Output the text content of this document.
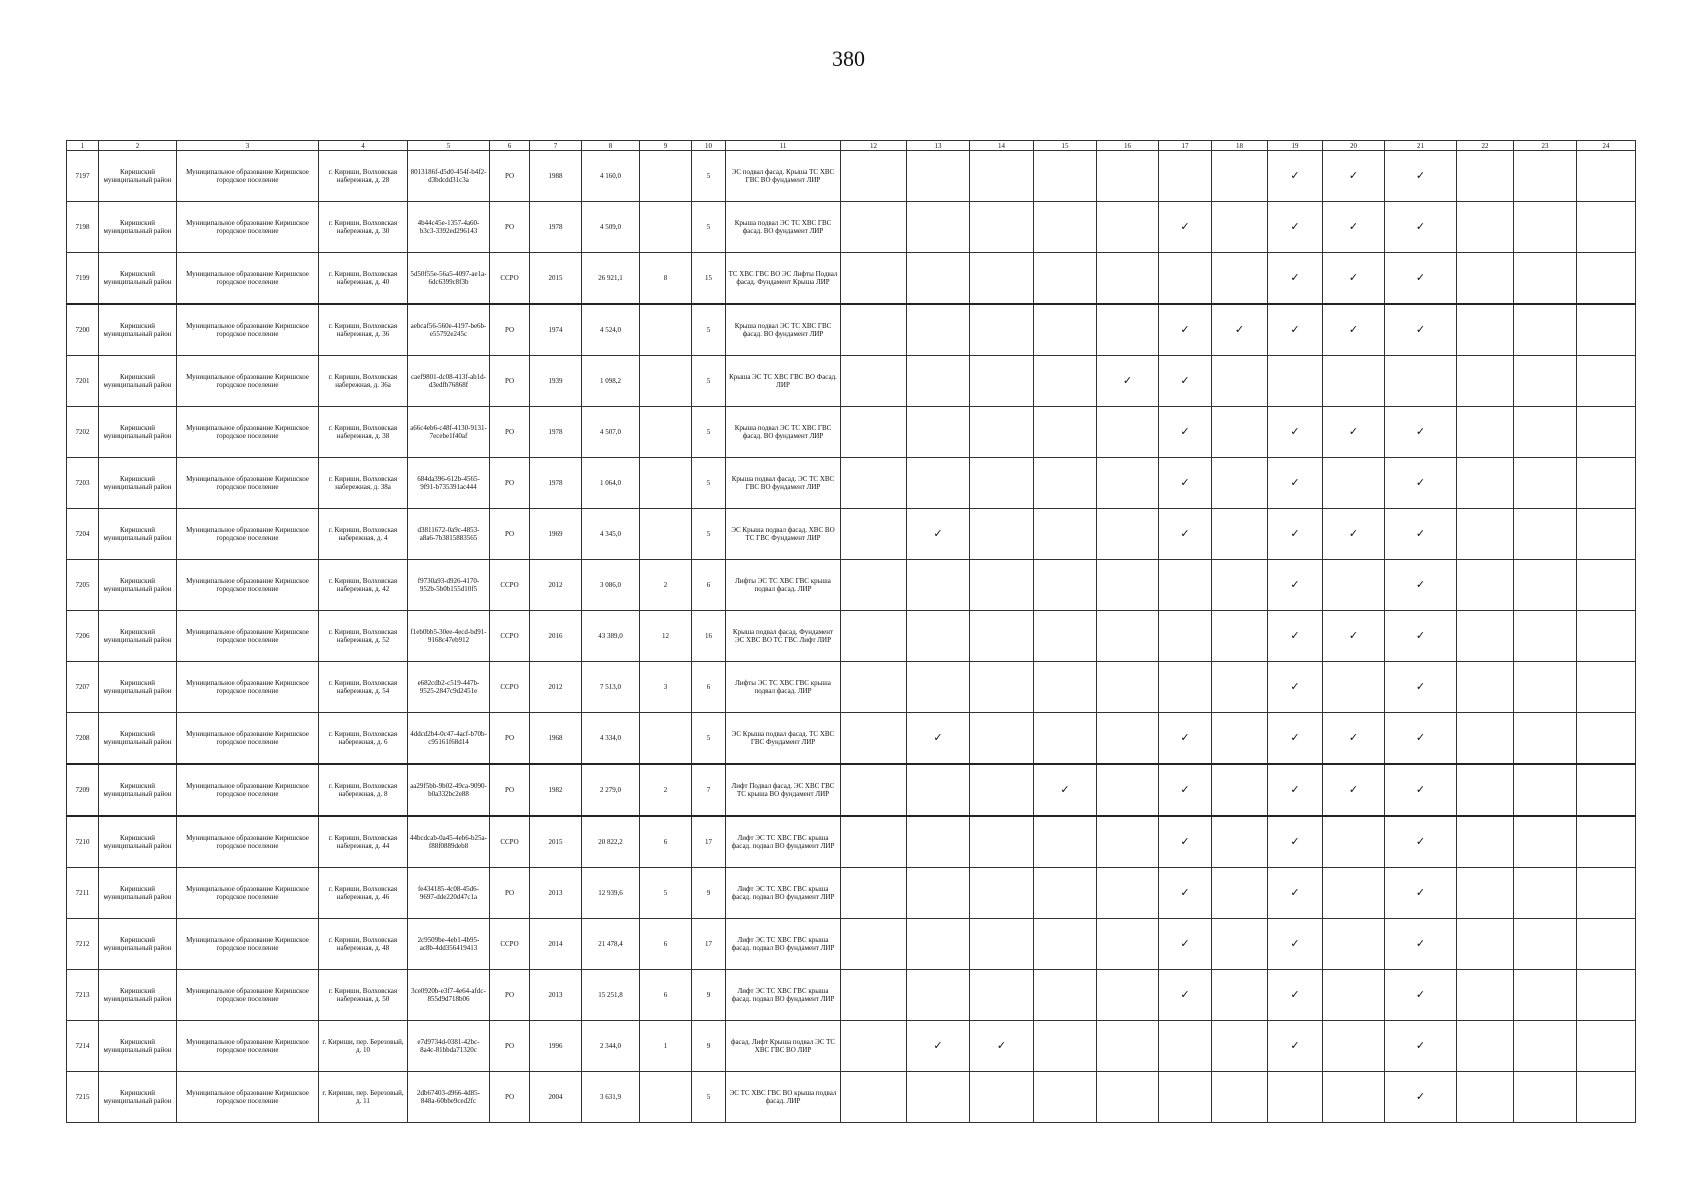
380
1	2	3	4	5	6	7	8	9	10	11	12	13	14	15	16	17	18	19	20	21	22	23	24
7197	Киришский муниципальный район	Муниципальное образование Киришское городское поселение	г. Кириши, Волховская набережная, д. 28	8013186f-d5d0-454f-b4f2-d3bdcdd31c3a	РО	1988	4 160,0		5	ЭС подвал фасад. Крыша ТС ХВС ГВС ВО фундамент ЛИР								✓	✓	✓			
7198	Киришский муниципальный район	Муниципальное образование Киришское городское поселение	г. Кириши, Волховская набережная, д. 30	4b44c45e-1357-4a60-b3c3-3392ed296143	РО	1978	4 509,0		5	Крыша подвал ЭС ТС ХВС ГВС фасад. ВО фундамент ЛИР						✓		✓	✓	✓			
7199	Киришский муниципальный район	Муниципальное образование Киришское городское поселение	г. Кириши, Волховская набережная, д. 40	5d50f55e-56a5-4097-ae1a-6dc6399c8f3b	ССРО	2015	26 921,1	8	15	ТС ХВС ГВС ВО ЭС Лифты Подвал фасад. Фундамент Крыша ЛИР								✓	✓	✓			
7200	Киришский муниципальный район	Муниципальное образование Киришское городское поселение	г. Кириши, Волховская набережная, д. 36	aebcaf56-560e-4197-be6b-e55792e245c	РО	1974	4 524,0		5	Крыша подвал ЭС ТС ХВС ГВС фасад. ВО фундамент ЛИР						✓	✓	✓	✓	✓			
7201	Киришский муниципальный район	Муниципальное образование Киришское городское поселение	г. Кириши, Волховская набережная, д. 36а	caef9801-dc08-413f-ab1d-d3edfb76868f	РО	1939	1 098,2		5	Крыша ЭС ТС ХВС ГВС ВО Фасад. ЛИР					✓	✓							
7202	Киришский муниципальный район	Муниципальное образование Киришское городское поселение	г. Кириши, Волховская набережная, д. 38	a66c4eb6-c48f-4130-9131-7ecebe1f40af	РО	1978	4 507,0		5	Крыша подвал ЭС ТС ХВС ГВС фасад. ВО фундамент ЛИР						✓		✓	✓	✓			
7203	Киришский муниципальный район	Муниципальное образование Киришское городское поселение	г. Кириши, Волховская набережная, д. 38а	684da396-612b-4565-9f91-b735391ac444	РО	1978	1 064,0		5	Крыша подвал фасад. ЭС ТС ХВС ГВС ВО фундамент ЛИР						✓		✓		✓			
7204	Киришский муниципальный район	Муниципальное образование Киришское городское поселение	г. Кириши, Волховская набережная, д. 4	d3811672-0a9c-4853-a8a6-7b3815883565	РО	1969	4 345,0		5	ЭС Крыша подвал фасад. ХВС ВО ТС ГВС Фундамент ЛИР		✓				✓		✓	✓	✓			
7205	Киришский муниципальный район	Муниципальное образование Киришское городское поселение	г. Кириши, Волховская набережная, д. 42	f9730a93-d926-4170-952b-5b0b155d10f5	ССРО	2012	3 086,0	2	6	Лифты ЭС ТС ХВС ГВС крыша подвал фасад. ЛИР								✓		✓			
7206	Киришский муниципальный район	Муниципальное образование Киришское городское поселение	г. Кириши, Волховская набережная, д. 52	f1eb0bb5-30ee-4ecd-bd91-9168c47eb912	ССРО	2016	43 389,0	12	16	Крыша подвал фасад. Фундамент ЭС ХВС ВО ТС ГВС Лифт ЛИР								✓	✓	✓			
7207	Киришский муниципальный район	Муниципальное образование Киришское городское поселение	г. Кириши, Волховская набережная, д. 54	e682cdb2-c519-447b-9525-2847c9d2451e	ССРО	2012	7 513,0	3	6	Лифты ЭС ТС ХВС ГВС крыша подвал фасад. ЛИР								✓		✓			
7208	Киришский муниципальный район	Муниципальное образование Киришское городское поселение	г. Кириши, Волховская набережная, д. 6	4ddcd2b4-0c47-4acf-b70b-c95161f68d14	РО	1968	4 334,0		5	ЭС Крыша подвал фасад. ТС ХВС ГВС Фундамент ЛИР		✓				✓		✓	✓	✓			
7209	Киришский муниципальный район	Муниципальное образование Киришское городское поселение	г. Кириши, Волховская набережная, д. 8	aa29f5bb-9b02-49ca-9090-b0a332bc2e88	РО	1982	2 279,0	2	7	Лифт Подвал фасад. ЭС ХВС ГВС ТС крыша ВО фундамент ЛИР				✓		✓		✓	✓	✓			
7210	Киришский муниципальный район	Муниципальное образование Киришское городское поселение	г. Кириши, Волховская набережная, д. 44	44bcdcab-0a45-4eb6-b25a-f88f0889deb8	ССРО	2015	20 822,2	6	17	Лифт ЭС ТС ХВС ГВС крыша фасад. подвал ВО фундамент ЛИР						✓		✓		✓			
7211	Киришский муниципальный район	Муниципальное образование Киришское городское поселение	г. Кириши, Волховская набережная, д. 46	fe434185-4c08-45d6-9697-dde220d47c1a	РО	2013	12 939,6	5	9	Лифт ЭС ТС ХВС ГВС крыша фасад. подвал ВО фундамент ЛИР						✓		✓		✓			
7212	Киришский муниципальный район	Муниципальное образование Киришское городское поселение	г. Кириши, Волховская набережная, д. 48	2c9509be-4eb1-4b95-ac8b-4dd356419413	ССРО	2014	21 478,4	6	17	Лифт ЭС ТС ХВС ГВС крыша фасад. подвал ВО фундамент ЛИР						✓		✓		✓			
7213	Киришский муниципальный район	Муниципальное образование Киришское городское поселение	г. Кириши, Волховская набережная, д. 50	3ce0920b-e3f7-4e64-afdc-855d9d718b06	РО	2013	15 251,8	6	9	Лифт ЭС ТС ХВС ГВС крыша фасад. подвал ВО фундамент ЛИР						✓		✓		✓			
7214	Киришский муниципальный район	Муниципальное образование Киришское городское поселение	г. Кириши, пер. Березовый, д. 10	e7d9734d-0381-42bc-8a4c-81bbda71320c	РО	1996	2 344,0	1	9	фасад. Лифт Крыша подвал ЭС ТС ХВС ГВС ВО ЛИР		✓	✓					✓		✓			
7215	Киришский муниципальный район	Муниципальное образование Киришское городское поселение	г. Кириши, пер. Березовый, д. 11	2db67403-d966-4d85-848a-60bbe9ced2fc	РО	2004	3 631,9		5	ЭС ТС ХВС ГВС ВО крыша подвал фасад. ЛИР										✓			
